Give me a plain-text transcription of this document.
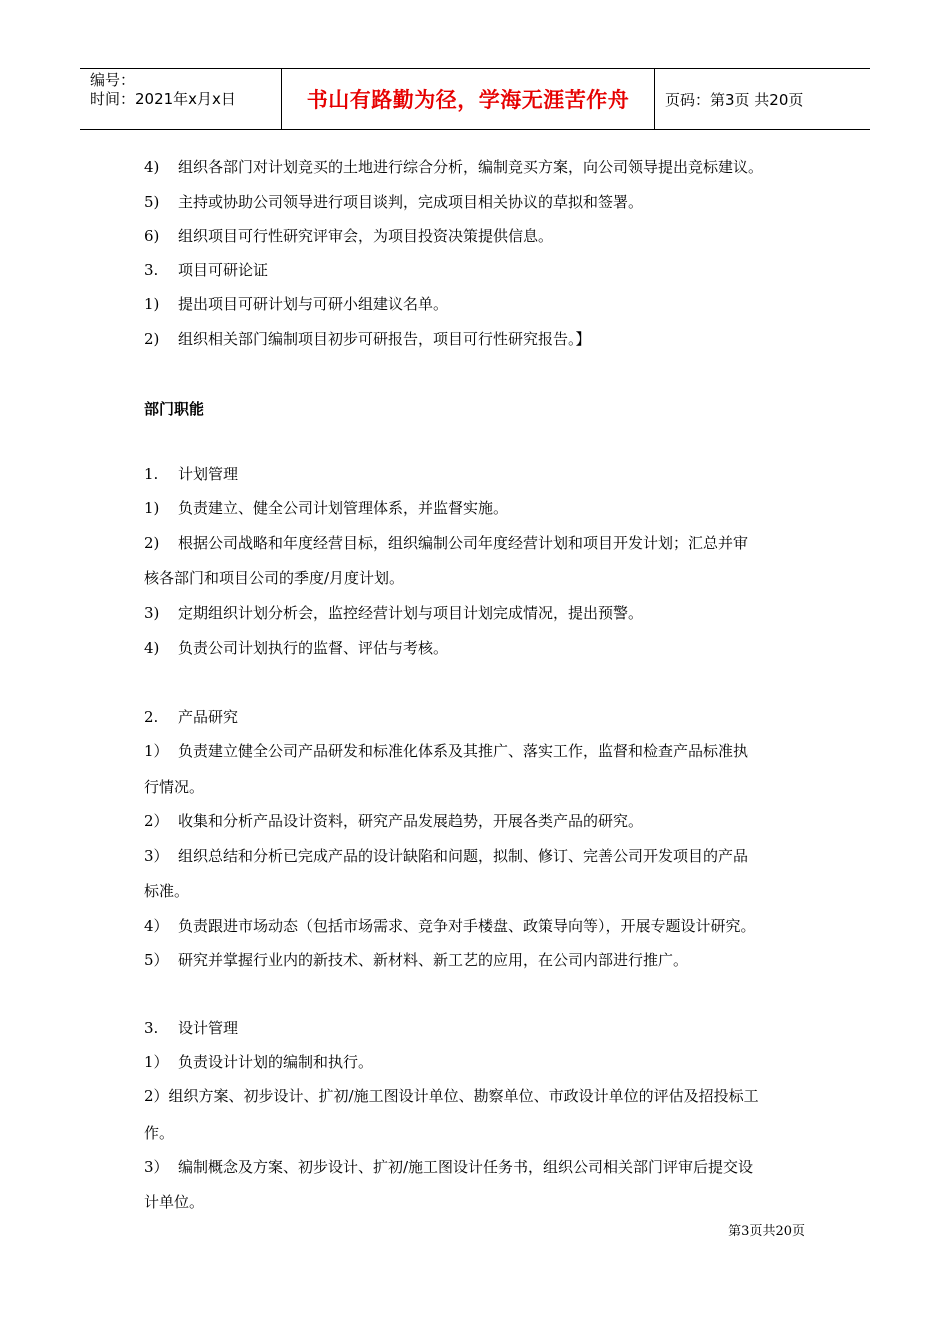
编号：
时间：2021年x月x日	书山有路勤为径，学海无涯苦作舟	页码：第3页 共20页
4) 组织各部门对计划竞买的土地进行综合分析，编制竞买方案，向公司领导提出竞标建议。
5) 主持或协助公司领导进行项目谈判，完成项目相关协议的草拟和签署。
6) 组织项目可行性研究评审会，为项目投资决策提供信息。
3. 项目可研论证
1) 提出项目可研计划与可研小组建议名单。
2) 组织相关部门编制项目初步可研报告，项目可行性研究报告。】
部门职能
1. 计划管理
1) 负责建立、健全公司计划管理体系，并监督实施。
2) 根据公司战略和年度经营目标，组织编制公司年度经营计划和项目开发计划；汇总并审
核各部门和项目公司的季度/月度计划。
3) 定期组织计划分析会，监控经营计划与项目计划完成情况，提出预警。
4) 负责公司计划执行的监督、评估与考核。
2. 产品研究
1） 负责建立健全公司产品研发和标准化体系及其推广、落实工作，监督和检查产品标准执
行情况。
2） 收集和分析产品设计资料，研究产品发展趋势，开展各类产品的研究。
3） 组织总结和分析已完成产品的设计缺陷和问题，拟制、修订、完善公司开发项目的产品
标准。
4） 负责跟进市场动态（包括市场需求、竞争对手楼盘、政策导向等），开展专题设计研究。
5） 研究并掌握行业内的新技术、新材料、新工艺的应用，在公司内部进行推广。
3. 设计管理
1） 负责设计计划的编制和执行。
2）组织方案、初步设计、扩初/施工图设计单位、勘察单位、市政设计单位的评估及招投标工
作。
3） 编制概念及方案、初步设计、扩初/施工图设计任务书，组织公司相关部门评审后提交设
计单位。
第3页共20页
